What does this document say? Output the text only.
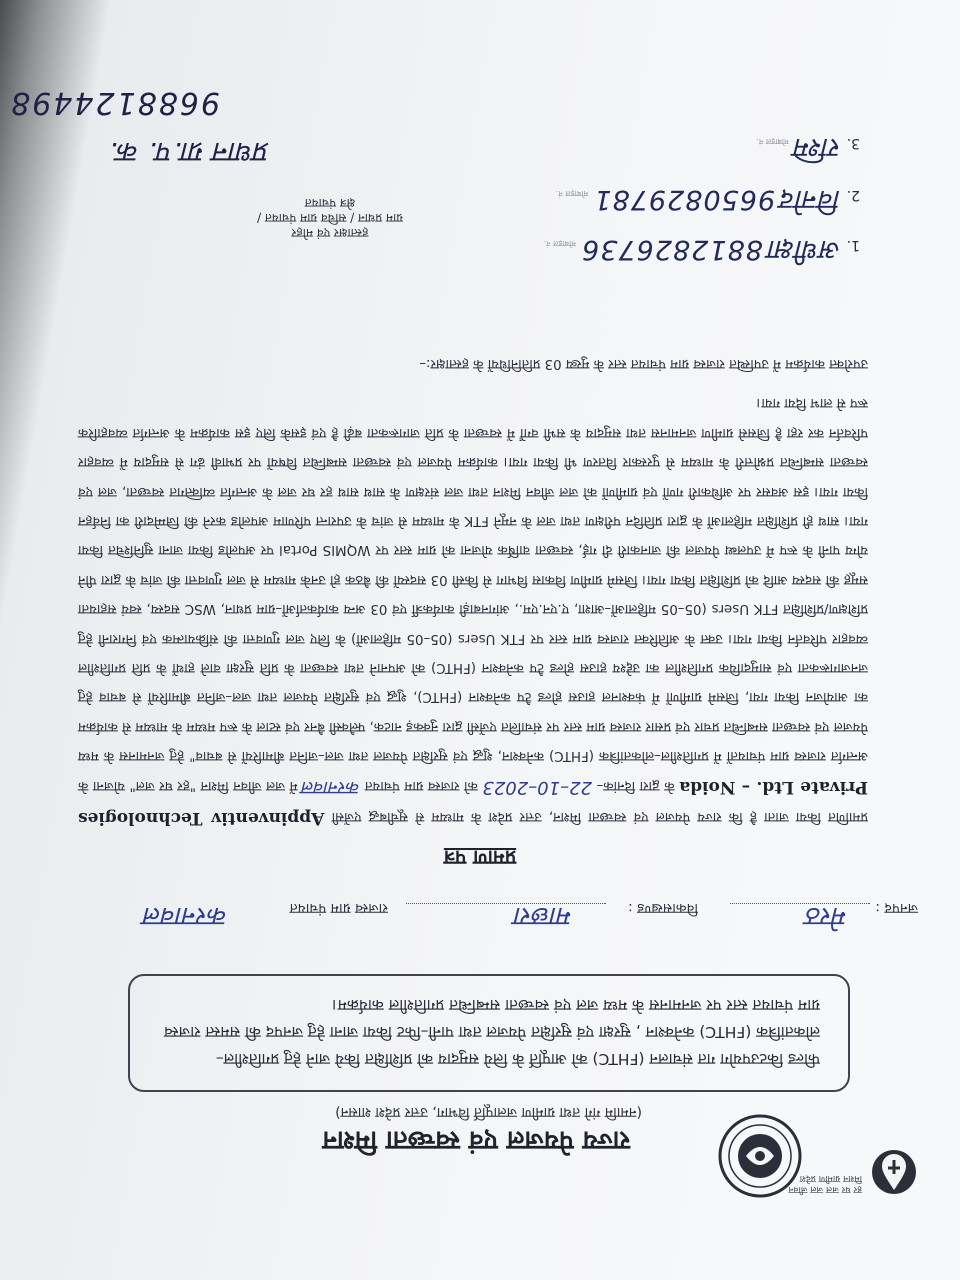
हर घर जल जल जीवन मिशन ग्रामीण प्रदेश
राज्य पेयजल एवं स्वच्छता मिशन
(नमामि गंगे तथा ग्रामीण जलापूर्ति विभाग, उत्तर प्रदेश शासन)
फील्ड किटउपयोग गत संचालन (FHTC) को आपूर्ति के लिये समुदाय को प्रशिक्षित किये जाने हेतु प्रगतिशील–लोकतांत्रिक (FHTC) कनेक्शन , सुरक्षा एवं सुरक्षित पेयजल तथा पानी–फिट किया जाना हेतु जनपद की समस्त राजस्व ग्राम पंचायत स्तर पर जनमानस के मध्य जल एवं स्वच्छता सम्बन्धित प्रगतिशील कार्यक्रम।
जनपद :
मेरठ
विकासखण्ड :
माछरा
राजस्व ग्राम पंचायत
करनावल
प्रमाण पत्र

प्रमाणित किया जाता है कि राज्य पेयजल एवं स्वच्छता मिशन, उत्तर प्रदेश के माध्यम से सूचीबद्ध एजेंसी Appinventiv Technologies Private Ltd. – Noida के द्वारा दिनांक– 22–10–2023 को राजस्व ग्राम पंचायत करनावल में जल जीवन मिशन "हर घर जल" योजना के अन्तर्गत राजस्व ग्राम पंचायतों में प्रगतिशील–लोकतांत्रिक (FHTC) कनेक्शन, शुद्ध एवं सुरक्षित पेयजल तथा जल–जनित बीमारियों से बचाव" हेतु जनमानस के मध्य पेयजल एवं स्वच्छता सम्बन्धित प्रचार एवं प्रसार राजस्व ग्राम स्तर पर संचालित एजेंसी द्वारा नुक्कड़ नाटक, फ्लैक्सी बैनर एवं स्टाल के रूप मध्यम के माध्यम से कार्यक्रम का आयोजन किया गया, जिसमे ग्रामीणों में फंक्शनल हाउस होल्ड टैप कनेक्शन (FHTC), शुद्ध एवं सुरक्षित पेयजल तथा जल–जनित बीमारियों से बचाव हेतु जनजागरूकता एवं सामुदायिक प्रगतिशील का उद्देश्य हाउस होल्ड टैप कनेक्शन (FHTC) को अपनाने तथा स्वच्छता के प्रति सुरक्षा वाले हाथों के प्रति प्रगतिशील व्यवहार परिवर्तन किया गया। उक्त के अतिरिक्त राजस्व ग्राम स्तर पर FTK Users (05–05 महिलाओं) के लिए जल गुणवत्ता की संक्रियात्मक एवं निगरानी हेतु प्रशिक्षण/प्रशिक्षित FTK Users (05–05 महिलाओं–आशा, ए.एन.एम., आंगनबाड़ी कार्यकर्त्री एवं 03 अन्य कार्यकर्ताओं–ग्राम प्रधान, WSC सदस्य, स्वयं सहायता समूह की सदस्य आदि को प्रशिक्षित किया गया। जिसमे ग्रामीण विकास विभाग से किसी 03 सदस्यों की बैठक हो उनके माध्यम से जल गुणवत्ता की जांच के द्वारा पीने योग्य पानी के रूप में उपलब्ध पेयजल की जानकारी दी गई, स्वच्छता वार्षिक योजना को ग्राम स्तर पर WQMIS Portal पर अपलोड किया जाना सुनिश्चित किया गया। साथ ही प्रशिक्षित महिलाओं के द्वारा प्रतिदिन परीक्षण तथा जल के नमूने FTK के माध्यम से जांच के उपरान्त परिणाम अपलोड करने की जिम्मेदारी का निर्वहन किया गया। इस अवसर पर अधिकारी गणों एवं ग्रामीणों को जल जीवन मिशन तथा जल संरक्षण के साथ साथ हर घर जल के अन्तर्गत व्यक्तिगत स्वच्छता, जल एवं स्वच्छता सम्बन्धित प्रश्नोत्तरी के माध्यम से पुरस्कार वितरण भी किया गया। कार्यक्रम पेयजल एवं स्वच्छता सम्बन्धित विषयों पर प्रभावी ढंग से समुदाय में व्यवहार परिवर्तन कर रहा है जिससे ग्रामीण जनमानस तथा समुदाय के सभी वर्गों में स्वच्छता के प्रति जागरूकता बढ़ी है एवं इसके लिए इस कार्यक्रम के अन्तर्गत व्यवहारिक रूप से लाभ दिया गया।

उपरोक्त कार्यक्रम में उपस्थित राजस्व ग्राम पंचायत स्तर के मुख्य 03 प्रतिनिधियों के हस्ताक्षर:–

1. अधीक्षा 8812826736 मोबाइल नं.
2. विनोद 9650829781 मोबाइल नं.
3. रश्मि मोबाइल नं.
हस्ताक्षर एवं मोहर
ग्राम प्रधान / सचिव ग्राम पंचायत /
क्षेत्र पंचायत
प्रधान ग्रा.प. क.
9688124498
